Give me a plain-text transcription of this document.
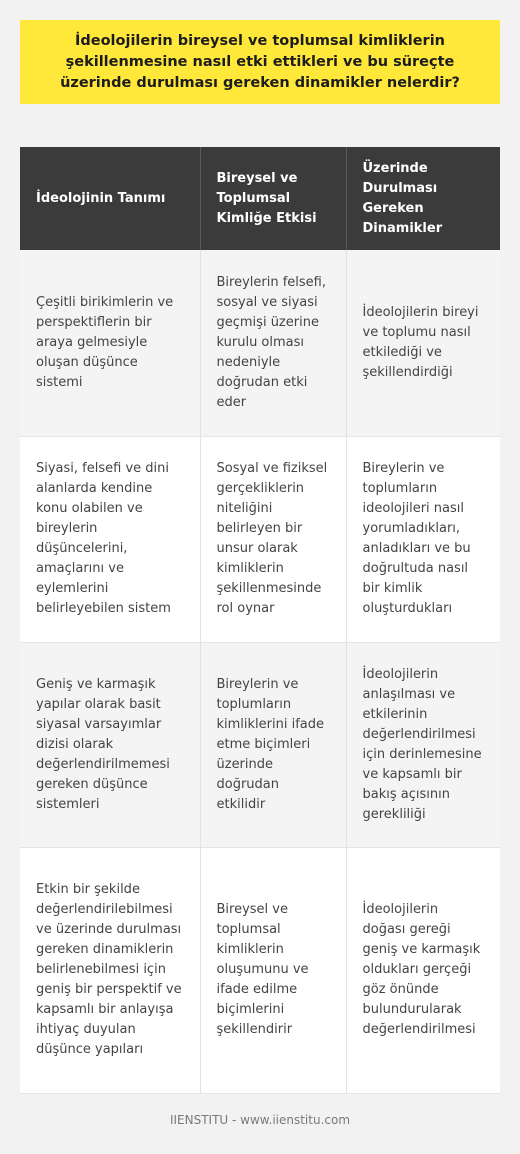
İdeolojilerin bireysel ve toplumsal kimliklerin şekillenmesine nasıl etki ettikleri ve bu süreçte üzerinde durulması gereken dinamikler nelerdir?
İdeolojinin Tanımı	Bireysel ve Toplumsal Kimliğe Etkisi	Üzerinde Durulması Gereken Dinamikler
Çeşitli birikimlerin ve perspektiflerin bir araya gelmesiyle oluşan düşünce sistemi	Bireylerin felsefi, sosyal ve siyasi geçmişi üzerine kurulu olması nedeniyle doğrudan etki eder	İdeolojilerin bireyi ve toplumu nasıl etkilediği ve şekillendirdiği
Siyasi, felsefi ve dini alanlarda kendine konu olabilen ve bireylerin düşüncelerini, amaçlarını ve eylemlerini belirleyebilen sistem	Sosyal ve fiziksel gerçekliklerin niteliğini belirleyen bir unsur olarak kimliklerin şekillenmesinde rol oynar	Bireylerin ve toplumların ideolojileri nasıl yorumladıkları, anladıkları ve bu doğrultuda nasıl bir kimlik oluşturdukları
Geniş ve karmaşık yapılar olarak basit siyasal varsayımlar dizisi olarak değerlendirilmemesi gereken düşünce sistemleri	Bireylerin ve toplumların kimliklerini ifade etme biçimleri üzerinde doğrudan etkilidir	İdeolojilerin anlaşılması ve etkilerinin değerlendirilmesi için derinlemesine ve kapsamlı bir bakış açısının gerekliliği
Etkin bir şekilde değerlendirilebilmesi ve üzerinde durulması gereken dinamiklerin belirlenebilmesi için geniş bir perspektif ve kapsamlı bir anlayışa ihtiyaç duyulan düşünce yapıları	Bireysel ve toplumsal kimliklerin oluşumunu ve ifade edilme biçimlerini şekillendirir	İdeolojilerin doğası gereği geniş ve karmaşık oldukları gerçeği göz önünde bulundurularak değerlendirilmesi
IIENSTITU - www.iienstitu.com
